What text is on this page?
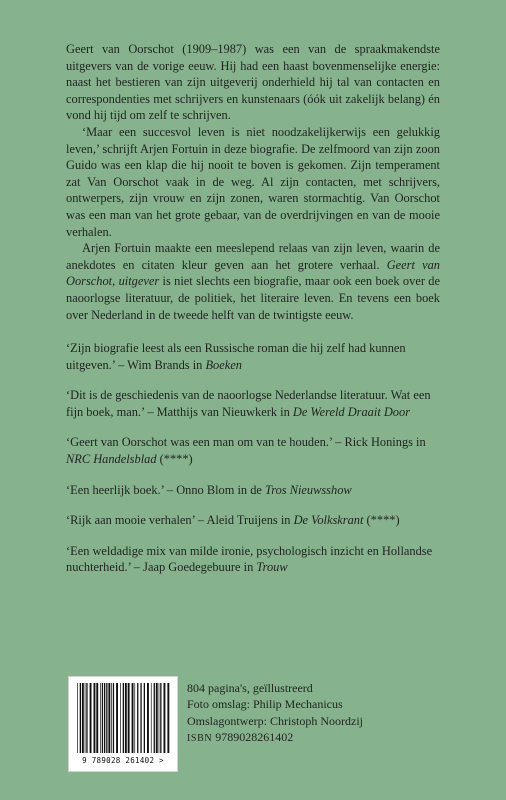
Geert van Oorschot (1909–1987) was een van de spraakmakendste uitgevers van de vorige eeuw. Hij had een haast bovenmenselijke energie: naast het bestieren van zijn uitgeverij onderhield hij tal van contacten en correspondenties met schrijvers en kunstenaars (óók uit zakelijk belang) én vond hij tijd om zelf te schrijven.

‘Maar een succesvol leven is niet noodzakelijkerwijs een gelukkig leven,’ schrijft Arjen Fortuin in deze biografie. De zelfmoord van zijn zoon Guido was een klap die hij nooit te boven is gekomen. Zijn temperament zat Van Oorschot vaak in de weg. Al zijn contacten, met schrijvers, ontwerpers, zijn vrouw en zijn zonen, waren stormachtig. Van Oorschot was een man van het grote gebaar, van de overdrijvingen en van de mooie verhalen.

Arjen Fortuin maakte een meeslepend relaas van zijn leven, waarin de anekdotes en citaten kleur geven aan het grotere verhaal. Geert van Oorschot, uitgever is niet slechts een biografie, maar ook een boek over de naoorlogse literatuur, de politiek, het literaire leven. En tevens een boek over Nederland in de tweede helft van de twintigste eeuw.

‘Zijn biografie leest als een Russische roman die hij zelf had kunnen uitgeven.’ – Wim Brands in Boeken

‘Dit is de geschiedenis van de naoorlogse Nederlandse literatuur. Wat een fijn boek, man.’ – Matthijs van Nieuwkerk in De Wereld Draait Door

‘Geert van Oorschot was een man om van te houden.’ – Rick Honings in NRC Handelsblad (****)

‘Een heerlijk boek.’ – Onno Blom in de Tros Nieuwsshow

‘Rijk aan mooie verhalen’ – Aleid Truijens in De Volkskrant (****)

‘Een weldadige mix van milde ironie, psychologisch inzicht en Hollandse nuchterheid.’ – Jaap Goedegebuure in Trouw

9 789028 261402 >
804 pagina's, geïllustreerd
Foto omslag: Philip Mechanicus
Omslagontwerp: Christoph Noordzij
ISBN 9789028261402
